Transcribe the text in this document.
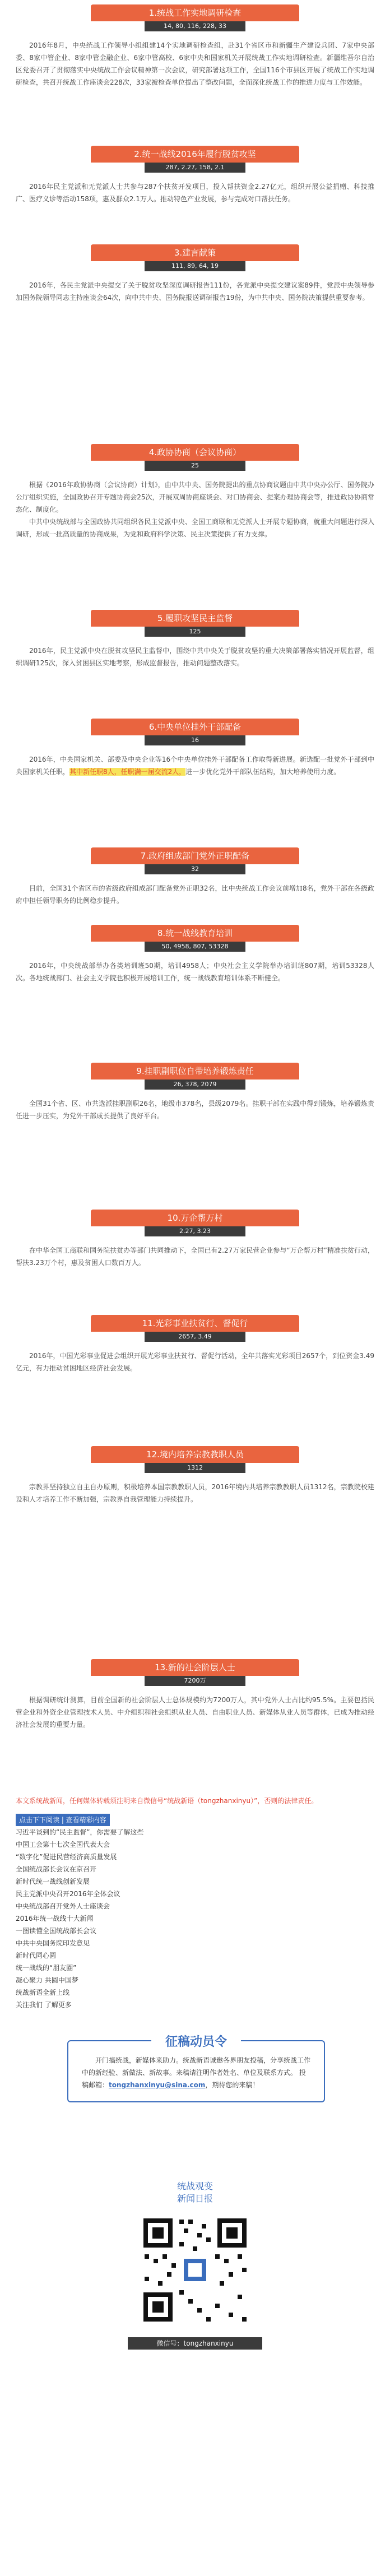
1.统战工作实地调研检查
14, 80, 116, 228, 33

2016年8月，中央统战工作领导小组组建14个实地调研检查组，赴31个省区市和新疆生产建设兵团、7家中央部委、8家中管企业、8家中管金融企业、6家中管高校、6家中央和国家机关开展统战工作实地调研检查。新疆维吾尔自治区党委召开了贯彻落实中央统战工作会议精神第一次会议，研究部署这项工作，全国116个市县区开展了统战工作实地调研检查，共召开统战工作座谈会228次，33家被检查单位提出了整改问题，全面深化统战工作的推进力度与工作效能。

2.统一战线2016年履行脱贫攻坚
287, 2.27, 158, 2.1

2016年民主党派和无党派人士共参与287个扶贫开发项目，投入帮扶资金2.27亿元，组织开展公益捐赠、科技推广、医疗义诊等活动158项，惠及群众2.1万人。推动特色产业发展，参与完成对口帮扶任务。

3.建言献策
111, 89, 64, 19

2016年，各民主党派中央提交了关于脱贫攻坚深度调研报告111份，各党派中央提交建议案89件，党派中央领导参加国务院领导同志主持座谈会64次，向中共中央、国务院报送调研报告19份，为中共中央、国务院决策提供重要参考。

4.政协协商（会议协商）
25

根据《2016年政协协商（会议协商）计划》，由中共中央、国务院提出的重点协商议题由中共中央办公厅、国务院办公厅组织实施，全国政协召开专题协商会25次，开展双周协商座谈会、对口协商会、提案办理协商会等，推进政协协商常态化、制度化。

中共中央统战部与全国政协共同组织各民主党派中央、全国工商联和无党派人士开展专题协商，就重大问题进行深入调研，形成一批高质量的协商成果，为党和政府科学决策、民主决策提供了有力支撑。

5.履职攻坚民主监督
125

2016年，民主党派中央在脱贫攻坚民主监督中，围绕中共中央关于脱贫攻坚的重大决策部署落实情况开展监督，组织调研125次，深入贫困县区实地考察，形成监督报告，推动问题整改落实。

6.中央单位挂外干部配备
16

2016年，中央国家机关、部委及中央企业等16个中央单位挂外干部配备工作取得新进展。新选配一批党外干部到中央国家机关任职，其中新任职8人，任职满一届交流2人，进一步优化党外干部队伍结构，加大培养使用力度。

7.政府组成部门党外正职配备
32

目前，全国31个省区市的省级政府组成部门配备党外正职32名，比中央统战工作会议前增加8名，党外干部在各级政府中担任领导职务的比例稳步提升。

8.统一战线教育培训
50, 4958, 807, 53328

2016年，中央统战部举办各类培训班50期，培训4958人；中央社会主义学院举办培训班807期，培训53328人次。各地统战部门、社会主义学院也积极开展培训工作，统一战线教育培训体系不断健全。

9.挂职副职位自带培养锻炼责任
26, 378, 2079

全国31个省、区、市共选派挂职副职26名，地级市378名，县级2079名。挂职干部在实践中得到锻炼，培养锻炼责任进一步压实，为党外干部成长提供了良好平台。

10.万企帮万村
2.27, 3.23

在中华全国工商联和国务院扶贫办等部门共同推动下，全国已有2.27万家民营企业参与“万企帮万村”精准扶贫行动，帮扶3.23万个村，惠及贫困人口数百万人。

11.光彩事业扶贫行、督促行
2657, 3.49

2016年，中国光彩事业促进会组织开展光彩事业扶贫行、督促行活动，全年共落实光彩项目2657个，到位资金3.49亿元，有力推动贫困地区经济社会发展。

12.境内培养宗教教职人员
1312

宗教界坚持独立自主自办原则，积极培养本国宗教教职人员，2016年境内共培养宗教教职人员1312名，宗教院校建设和人才培养工作不断加强，宗教界自我管理能力持续提升。

13.新的社会阶层人士
7200万

根据调研统计测算，目前全国新的社会阶层人士总体规模约为7200万人，其中党外人士占比约95.5%。主要包括民营企业和外资企业管理技术人员、中介组织和社会组织从业人员、自由职业人员、新媒体从业人员等群体，已成为推动经济社会发展的重要力量。

本文系统战新闻，任何媒体转载须注明来自微信号“统战新语（tongzhanxinyu）”，否则的法律责任。

点击下下阅读 | 查看精彩内容
习近平谈到的“民主监督”，你需要了解这些
中国工会第十七次全国代表大会
“数字化”促进民营经济高质量发展
全国统战部长会议在京召开
新时代统一战线创新发展
民主党派中央召开2016年全体会议
中央统战部召开党外人士座谈会
2016年统一战线十大新闻
一图读懂全国统战部长会议
中共中央国务院印发意见
新时代同心圆
统一战线的“朋友圈”
凝心聚力 共圆中国梦
统战新语全新上线
关注我们 了解更多
征稿动员令
开门搞统战，新媒体来助力。统战新语诚邀各界朋友投稿，分享统战工作中的新经验、新做法、新故事。来稿请注明作者姓名、单位及联系方式。 投稿邮箱：tongzhanxinyu@sina.com，期待您的来稿！
统战观变
新闻日报
微信号：tongzhanxinyu
